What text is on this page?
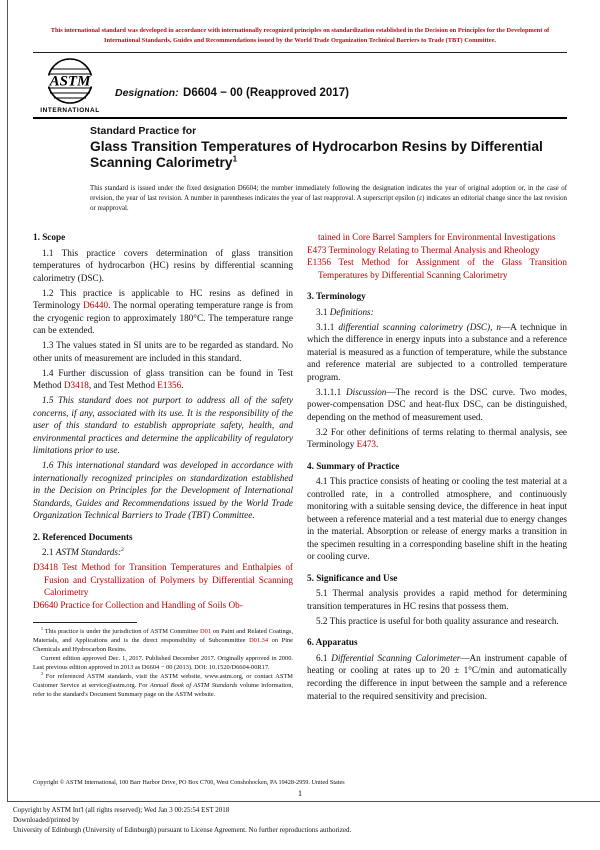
This international standard was developed in accordance with internationally recognized principles on standardization established in the Decision on Principles for the Development of International Standards, Guides and Recommendations issued by the World Trade Organization Technical Barriers to Trade (TBT) Committee.
ASTM
INTERNATIONAL
Designation: D6604 − 00 (Reapproved 2017)
Standard Practice for
Glass Transition Temperatures of Hydrocarbon Resins by Differential Scanning Calorimetry$^1$
This standard is issued under the fixed designation D6604; the number immediately following the designation indicates the year of original adoption or, in the case of revision, the year of last revision. A number in parentheses indicates the year of last reapproval. A superscript epsilon (ε) indicates an editorial change since the last revision or reapproval.
1. Scope
1.1 This practice covers determination of glass transition temperatures of hydrocarbon (HC) resins by differential scanning calorimetry (DSC).
1.2 This practice is applicable to HC resins as defined in Terminology D6440. The normal operating temperature range is from the cryogenic region to approximately 180°C. The temperature range can be extended.
1.3 The values stated in SI units are to be regarded as standard. No other units of measurement are included in this standard.
1.4 Further discussion of glass transition can be found in Test Method D3418, and Test Method E1356.
1.5 This standard does not purport to address all of the safety concerns, if any, associated with its use. It is the responsibility of the user of this standard to establish appropriate safety, health, and environmental practices and determine the applicability of regulatory limitations prior to use.
1.6 This international standard was developed in accordance with internationally recognized principles on standardization established in the Decision on Principles for the Development of International Standards, Guides and Recommendations issued by the World Trade Organization Technical Barriers to Trade (TBT) Committee.
2. Referenced Documents
2.1 ASTM Standards:$^2$
D3418 Test Method for Transition Temperatures and Enthalpies of Fusion and Crystallization of Polymers by Differential Scanning Calorimetry
D6640 Practice for Collection and Handling of Soils Ob-
$^1$ This practice is under the jurisdiction of ASTM Committee D01 on Paint and Related Coatings, Materials, and Applications and is the direct responsibility of Subcommittee D01.34 on Pine Chemicals and Hydrocarbon Resins.
Current edition approved Dec. 1, 2017. Published December 2017. Originally approved in 2000. Last previous edition approved in 2013 as D6604 − 00 (2013). DOI: 10.1520/D6604-00R17.
$^2$ For referenced ASTM standards, visit the ASTM website, www.astm.org, or contact ASTM Customer Service at service@astm.org. For Annual Book of ASTM Standards volume information, refer to the standard's Document Summary page on the ASTM website.
tained in Core Barrel Samplers for Environmental Investigations
E473 Terminology Relating to Thermal Analysis and Rheology
E1356 Test Method for Assignment of the Glass Transition Temperatures by Differential Scanning Calorimetry
3. Terminology
3.1 Definitions:
3.1.1 differential scanning calorimetry (DSC), n—A technique in which the difference in energy inputs into a substance and a reference material is measured as a function of temperature, while the substance and reference material are subjected to a controlled temperature program.
3.1.1.1 Discussion—The record is the DSC curve. Two modes, power-compensation DSC and heat-flux DSC, can be distinguished, depending on the method of measurement used.
3.2 For other definitions of terms relating to thermal analysis, see Terminology E473.
4. Summary of Practice
4.1 This practice consists of heating or cooling the test material at a controlled rate, in a controlled atmosphere, and continuously monitoring with a suitable sensing device, the difference in heat input between a reference material and a test material due to energy changes in the material. Absorption or release of energy marks a transition in the specimen resulting in a corresponding baseline shift in the heating or cooling curve.
5. Significance and Use
5.1 Thermal analysis provides a rapid method for determining transition temperatures in HC resins that possess them.
5.2 This practice is useful for both quality assurance and research.
6. Apparatus
6.1 Differential Scanning Calorimeter—An instrument capable of heating or cooling at rates up to 20 ± 1°C/min and automatically recording the difference in input between the sample and a reference material to the required sensitivity and precision.
Copyright © ASTM International, 100 Barr Harbor Drive, PO Box C700, West Conshohocken, PA 19428-2959. United States
1
Copyright by ASTM Int'l (all rights reserved); Wed Jan 3 00:25:54 EST 2018
Downloaded/printed by
University of Edinburgh (University of Edinburgh) pursuant to License Agreement. No further reproductions authorized.
